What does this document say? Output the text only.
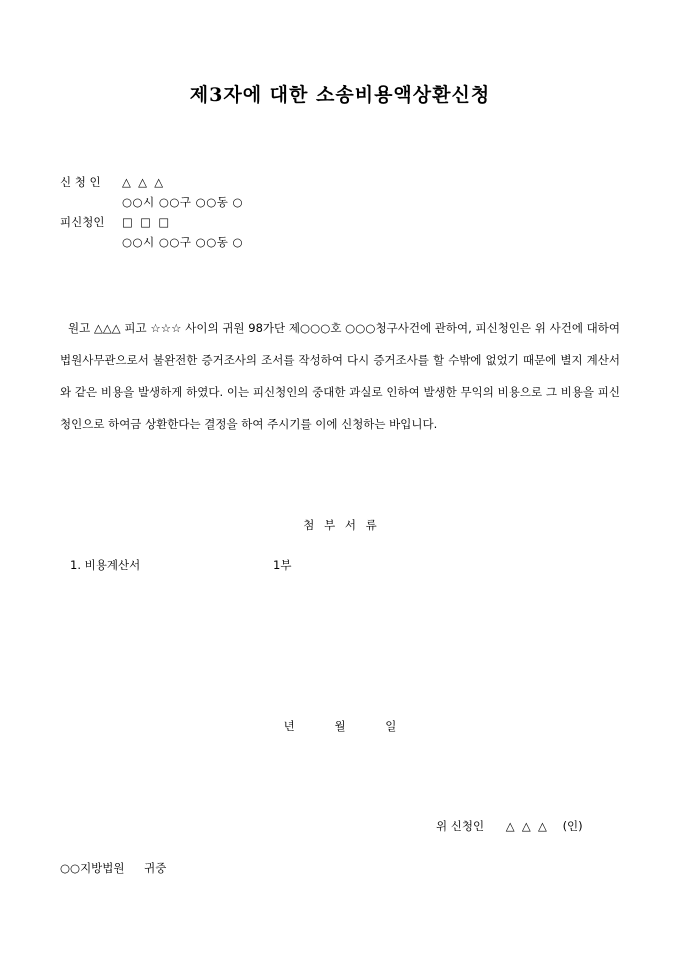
제3자에 대한 소송비용액상환신청
신 청 인 △  △  △
○○시 ○○구 ○○동 ○
피신청인 □  □  □
○○시 ○○구 ○○동 ○

원고 △△△ 피고 ☆☆☆ 사이의 귀원 98가단 제○○○호 ○○○청구사건에 관하여, 피신청인은 위 사건에 대하여 법원사무관으로서 불완전한 증거조사의 조서를 작성하여 다시 증거조사를 할 수밖에 없었기 때문에 별지 계산서와 같은 비용을 발생하게 하였다. 이는 피신청인의 중대한 과실로 인하여 발생한 무익의 비용으로 그 비용을 피신청인으로 하여금 상환한다는 결정을 하여 주시기를 이에 신청하는 바입니다.

첨 부 서 류
1. 비용계산서	1부
년	월	일
위 신청인 △  △  △ (인)
○○지방법원 귀중
